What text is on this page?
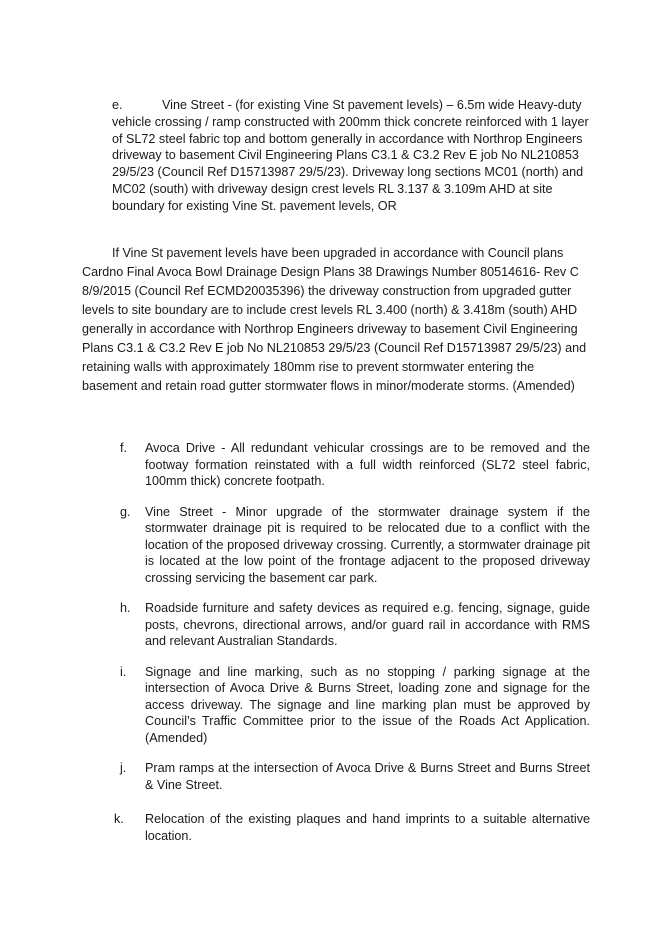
e.	Vine Street - (for existing Vine St pavement levels) – 6.5m wide Heavy-duty vehicle crossing / ramp constructed with 200mm thick concrete reinforced with 1 layer of SL72 steel fabric top and bottom generally in accordance with Northrop Engineers driveway to basement Civil Engineering Plans C3.1 & C3.2 Rev E job No NL210853 29/5/23 (Council Ref D15713987 29/5/23). Driveway long sections MC01 (north) and MC02 (south) with driveway design crest levels RL 3.137 & 3.109m AHD at site boundary for existing Vine St. pavement levels, OR

If Vine St pavement levels have been upgraded in accordance with Council plans Cardno Final Avoca Bowl Drainage Design Plans 38 Drawings Number 80514616- Rev C 8/9/2015 (Council Ref ECMD20035396) the driveway construction from upgraded gutter levels to site boundary are to include crest levels RL 3.400 (north) & 3.418m (south) AHD generally in accordance with Northrop Engineers driveway to basement Civil Engineering Plans C3.1 & C3.2 Rev E job No NL210853 29/5/23 (Council Ref D15713987 29/5/23) and retaining walls with approximately 180mm rise to prevent stormwater entering the basement and retain road gutter stormwater flows in minor/moderate storms. (Amended)

f. Avoca Drive - All redundant vehicular crossings are to be removed and the footway formation reinstated with a full width reinforced (SL72 steel fabric, 100mm thick) concrete footpath.
g. Vine Street - Minor upgrade of the stormwater drainage system if the stormwater drainage pit is required to be relocated due to a conflict with the location of the proposed driveway crossing. Currently, a stormwater drainage pit is located at the low point of the frontage adjacent to the proposed driveway crossing servicing the basement car park.
h. Roadside furniture and safety devices as required e.g. fencing, signage, guide posts, chevrons, directional arrows, and/or guard rail in accordance with RMS and relevant Australian Standards.
i. Signage and line marking, such as no stopping / parking signage at the intersection of Avoca Drive & Burns Street, loading zone and signage for the access driveway. The signage and line marking plan must be approved by Council’s Traffic Committee prior to the issue of the Roads Act Application. (Amended)
j. Pram ramps at the intersection of Avoca Drive & Burns Street and Burns Street & Vine Street.
k. Relocation of the existing plaques and hand imprints to a suitable alternative location.
